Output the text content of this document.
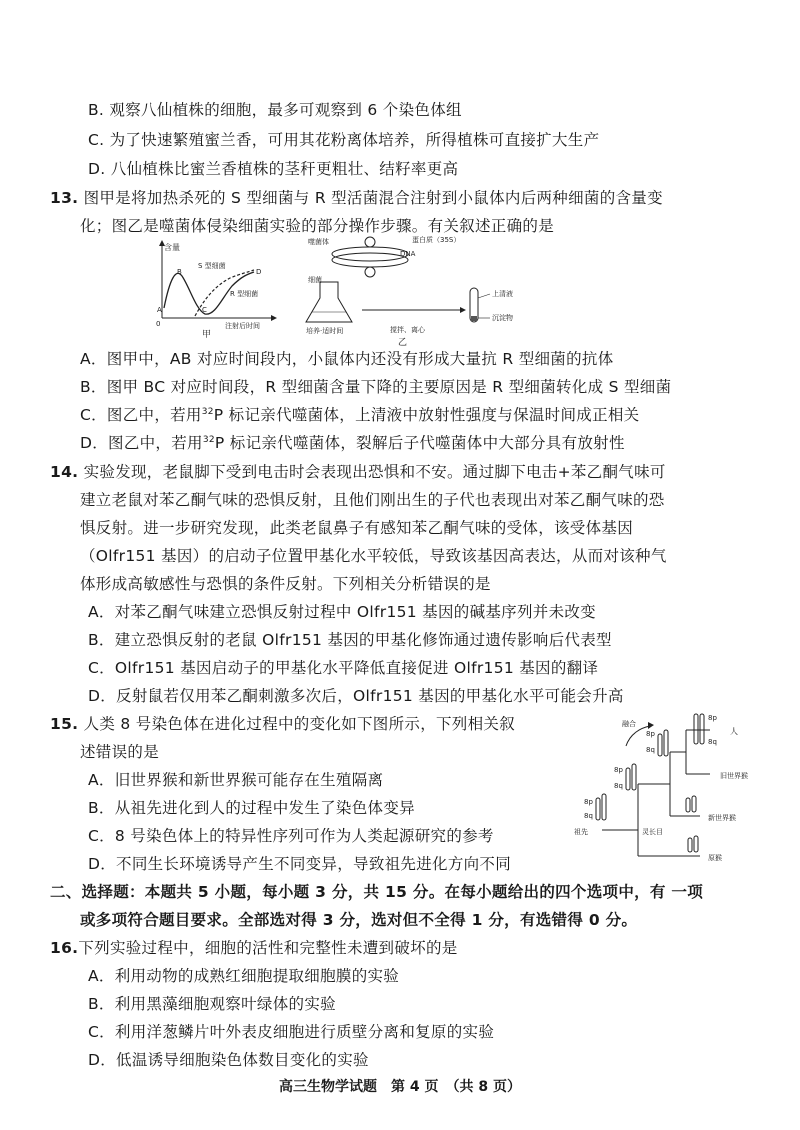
B. 观察八仙植株的细胞，最多可观察到 6 个染色体组
C. 为了快速繁殖蜜兰香，可用其花粉离体培养，所得植株可直接扩大生产
D. 八仙植株比蜜兰香植株的茎秆更粗壮、结籽率更高
13. 图甲是将加热杀死的 S 型细菌与 R 型活菌混合注射到小鼠体内后两种细菌的含量变
化；图乙是噬菌体侵染细菌实验的部分操作步骤。有关叙述正确的是
含量
S 型细菌
R 型细菌
A
B
C
D
0	注射后时间
甲
噬菌体	蛋白质（35S）
DNA
细菌
培养·适时间	搅拌、离心
上清液
沉淀物
乙
A．图甲中，AB 对应时间段内，小鼠体内还没有形成大量抗 R 型细菌的抗体
B．图甲 BC 对应时间段，R 型细菌含量下降的主要原因是 R 型细菌转化成 S 型细菌
C．图乙中，若用$^{32}$P 标记亲代噬菌体，上清液中放射性强度与保温时间成正相关
D．图乙中，若用$^{32}$P 标记亲代噬菌体，裂解后子代噬菌体中大部分具有放射性
14. 实验发现，老鼠脚下受到电击时会表现出恐惧和不安。通过脚下电击+苯乙酮气味可
建立老鼠对苯乙酮气味的恐惧反射，且他们刚出生的子代也表现出对苯乙酮气味的恐
惧反射。进一步研究发现，此类老鼠鼻子有感知苯乙酮气味的受体，该受体基因
（Olfr151 基因）的启动子位置甲基化水平较低，导致该基因高表达，从而对该种气
体形成高敏感性与恐惧的条件反射。下列相关分析错误的是
A．对苯乙酮气味建立恐惧反射过程中 Olfr151 基因的碱基序列并未改变
B．建立恐惧反射的老鼠 Olfr151 基因的甲基化修饰通过遗传影响后代表型
C．Olfr151 基因启动子的甲基化水平降低直接促进 Olfr151 基因的翻译
D．反射鼠若仅用苯乙酮刺激多次后，Olfr151 基因的甲基化水平可能会升高
15. 人类 8 号染色体在进化过程中的变化如下图所示，下列相关叙
述错误的是
A．旧世界猴和新世界猴可能存在生殖隔离
B．从祖先进化到人的过程中发生了染色体变异
C．8 号染色体上的特异性序列可作为人类起源研究的参考
D．不同生长环境诱导产生不同变异，导致祖先进化方向不同
融合
8p
8q
8p
8q
8p
8q
8p
8q
人
旧世界猴
新世界猴
原猴
祖先	灵长目
二、选择题：本题共 5 小题，每小题 3 分，共 15 分。在每小题给出的四个选项中，有 一项
或多项符合题目要求。全部选对得 3 分，选对但不全得 1 分，有选错得 0 分。
16.下列实验过程中，细胞的活性和完整性未遭到破坏的是
A．利用动物的成熟红细胞提取细胞膜的实验
B．利用黑藻细胞观察叶绿体的实验
C．利用洋葱鳞片叶外表皮细胞进行质壁分离和复原的实验
D．低温诱导细胞染色体数目变化的实验
高三生物学试题　第 4 页　（共 8 页）
